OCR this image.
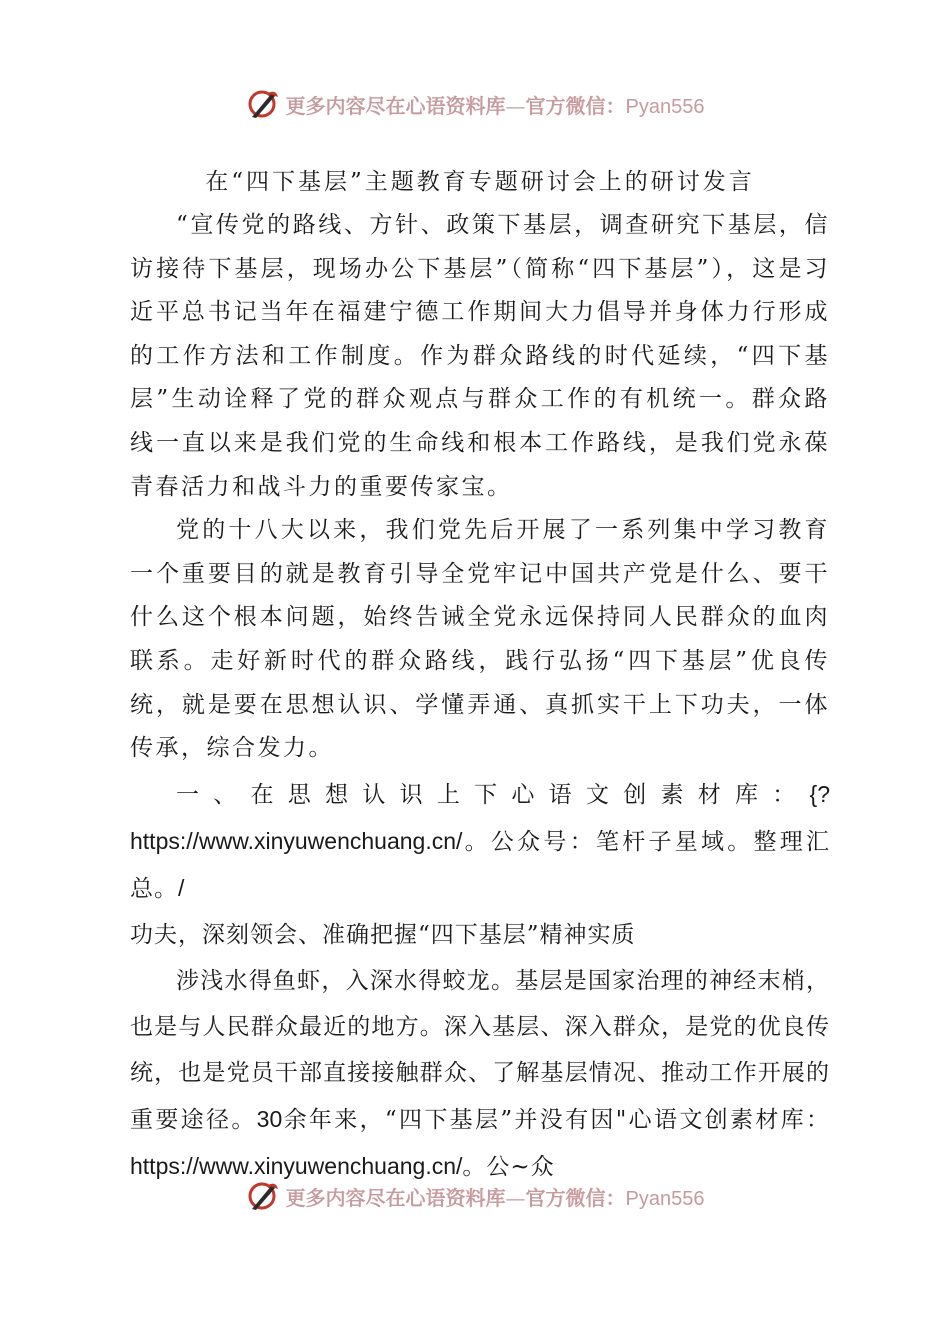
更多内容尽在心语资料库—官方微信：Pyan556
在“四下基层”主题教育专题研讨会上的研讨发言

“宣传党的路线、方针、政策下基层，调查研究下基层，信访接待下基层，现场办公下基层”（简称“四下基层”），这是习近平总书记当年在福建宁德工作期间大力倡导并身体力行形成的工作方法和工作制度。作为群众路线的时代延续，“四下基层”生动诠释了党的群众观点与群众工作的有机统一。群众路线一直以来是我们党的生命线和根本工作路线，是我们党永葆青春活力和战斗力的重要传家宝。

党的十八大以来，我们党先后开展了一系列集中学习教育一个重要目的就是教育引导全党牢记中国共产党是什么、要干什么这个根本问题，始终告诫全党永远保持同人民群众的血肉联系。走好新时代的群众路线，践行弘扬“四下基层”优良传统，就是要在思想认识、学懂弄通、真抓实干上下功夫，一体传承，综合发力。

一、在思想认识上下心语文创素材库：{?https://www.xinyuwenchuang.cn/。公众号：笔杆子星域。整理汇总。/
功夫，深刻领会、准确把握“四下基层”精神实质

涉浅水得鱼虾，入深水得蛟龙。基层是国家治理的神经末梢，也是与人民群众最近的地方。深入基层、深入群众，是党的优良传统，也是党员干部直接接触群众、了解基层情况、推动工作开展的重要途径。30余年来，“四下基层”并没有因"心语文创素材库：https://www.xinyuwenchuang.cn/。公~众

更多内容尽在心语资料库—官方微信：Pyan556
